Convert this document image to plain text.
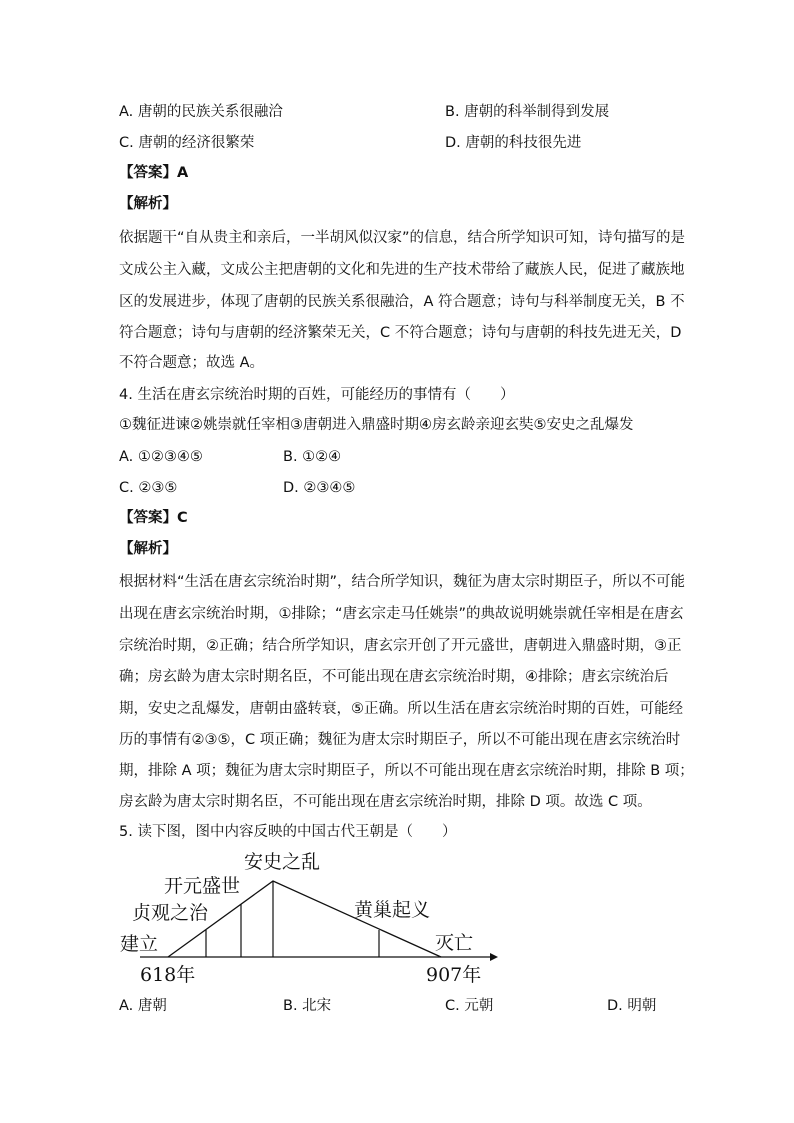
A. 唐朝的民族关系很融洽	B. 唐朝的科举制得到发展
C. 唐朝的经济很繁荣	D. 唐朝的科技很先进
【答案】A
【解析】
依据题干“自从贵主和亲后，一半胡风似汉家”的信息，结合所学知识可知，诗句描写的是
文成公主入藏，文成公主把唐朝的文化和先进的生产技术带给了藏族人民，促进了藏族地
区的发展进步，体现了唐朝的民族关系很融洽，A 符合题意；诗句与科举制度无关，B 不
符合题意；诗句与唐朝的经济繁荣无关，C 不符合题意；诗句与唐朝的科技先进无关，D
不符合题意；故选 A。
4. 生活在唐玄宗统治时期的百姓，可能经历的事情有（　　）
①魏征进谏②姚崇就任宰相③唐朝进入鼎盛时期④房玄龄亲迎玄奘⑤安史之乱爆发
A. ①②③④⑤	B. ①②④
C. ②③⑤	D. ②③④⑤
【答案】C
【解析】
根据材料“生活在唐玄宗统治时期”，结合所学知识，魏征为唐太宗时期臣子，所以不可能
出现在唐玄宗统治时期，①排除；“唐玄宗走马任姚崇”的典故说明姚崇就任宰相是在唐玄
宗统治时期，②正确；结合所学知识，唐玄宗开创了开元盛世，唐朝进入鼎盛时期，③正
确；房玄龄为唐太宗时期名臣，不可能出现在唐玄宗统治时期，④排除；唐玄宗统治后
期，安史之乱爆发，唐朝由盛转衰，⑤正确。所以生活在唐玄宗统治时期的百姓，可能经
历的事情有②③⑤，C 项正确；魏征为唐太宗时期臣子，所以不可能出现在唐玄宗统治时
期，排除 A 项；魏征为唐太宗时期臣子，所以不可能出现在唐玄宗统治时期，排除 B 项；
房玄龄为唐太宗时期名臣，不可能出现在唐玄宗统治时期，排除 D 项。故选 C 项。
5. 读下图，图中内容反映的中国古代王朝是（　　）
建立
贞观之治
开元盛世
安史之乱
黄巢起义
灭亡
618年	907年
A. 唐朝	B. 北宋	C. 元朝	D. 明朝
